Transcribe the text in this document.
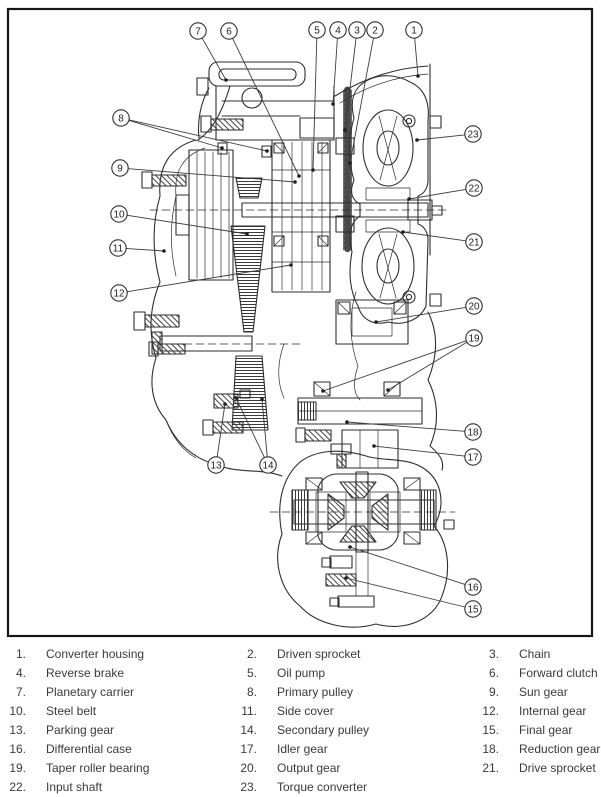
1
2
3
4
5
6
7
8
9
10
11
12
13	14
15
16
17
18
19
20
21
22
23
1. Converter housing	2. Driven sprocket	3. Chain
4. Reverse brake	5. Oil pump	6. Forward clutch
7. Planetary carrier	8. Primary pulley	9. Sun gear
10. Steel belt	11. Side cover	12. Internal gear
13. Parking gear	14. Secondary pulley	15. Final gear
16. Differential case	17. Idler gear	18. Reduction gear
19. Taper roller bearing	20. Output gear	21. Drive sprocket
22. Input shaft	23. Torque converter
